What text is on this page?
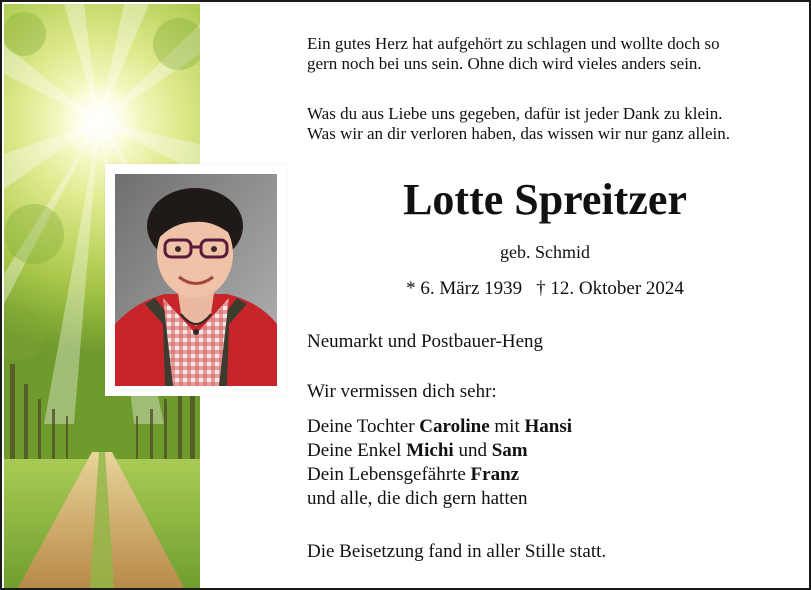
Ein gutes Herz hat aufgehört zu schlagen und wollte doch so
gern noch bei uns sein. Ohne dich wird vieles anders sein.
Was du aus Liebe uns gegeben, dafür ist jeder Dank zu klein.
Was wir an dir verloren haben, das wissen wir nur ganz allein.
Lotte Spreitzer
geb. Schmid
* 6. März 1939 † 12. Oktober 2024
Neumarkt und Postbauer-Heng
Wir vermissen dich sehr:
Deine Tochter Caroline mit Hansi
Deine Enkel Michi und Sam
Dein Lebensgefährte Franz
und alle, die dich gern hatten
Die Beisetzung fand in aller Stille statt.
